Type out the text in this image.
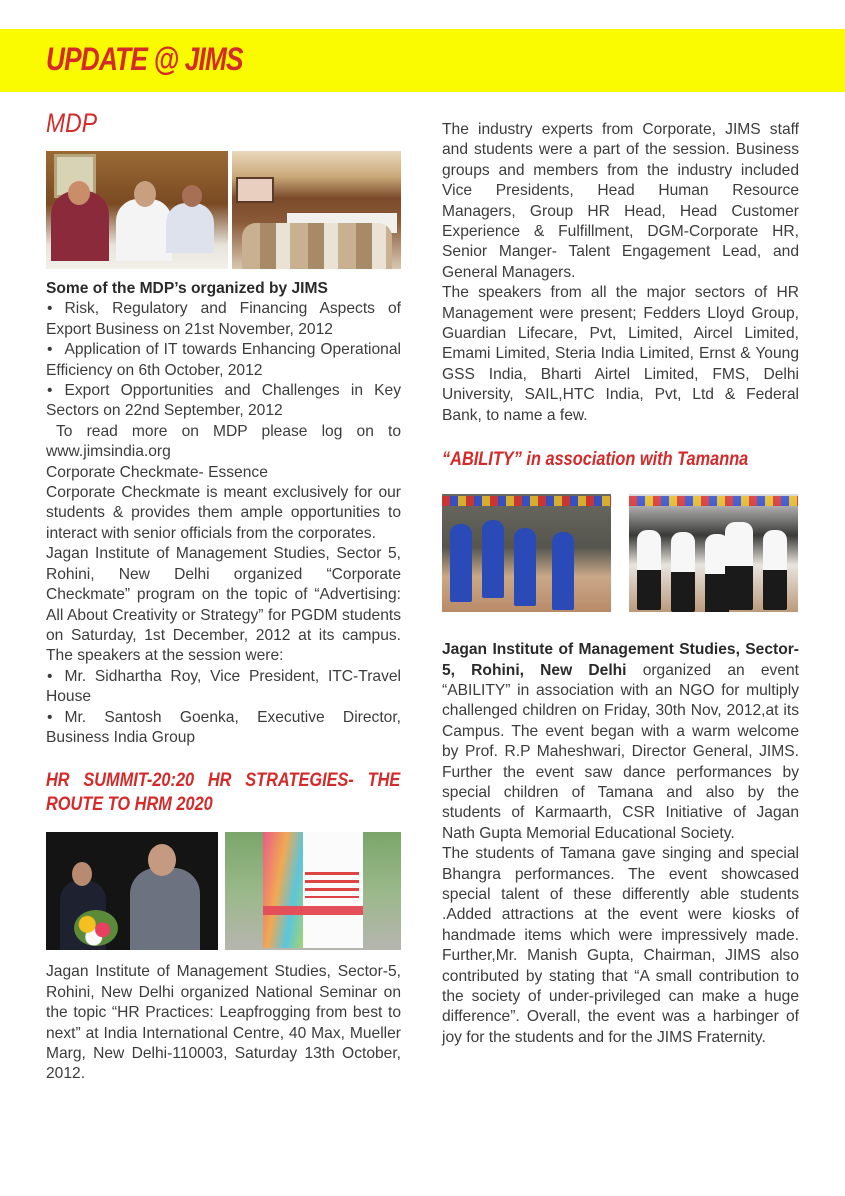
UPDATE @ JIMS
MDP
Some of the MDP’s organized by JIMS
• Risk, Regulatory and Financing Aspects of Export Business on 21st November, 2012
• Application of IT towards Enhancing Operational Efficiency on 6th October, 2012
• Export Opportunities and Challenges in Key Sectors on 22nd September, 2012
To read more on MDP please log on to www.jimsindia.org
Corporate Checkmate- Essence
Corporate Checkmate is meant exclusively for our students & provides them ample opportunities to interact with senior officials from the corporates.
Jagan Institute of Management Studies, Sector 5, Rohini, New Delhi organized “Corporate Checkmate” program on the topic of “Advertising: All About Creativity or Strategy” for PGDM students on Saturday, 1st December, 2012 at its campus. The speakers at the session were:
• Mr. Sidhartha Roy, Vice President, ITC-Travel House
• Mr. Santosh Goenka, Executive Director, Business India Group
HR SUMMIT-20:20 HR STRATEGIES- THE ROUTE TO HRM 2020
Jagan Institute of Management Studies, Sector-5, Rohini, New Delhi organized National Seminar on the topic “HR Practices: Leapfrogging from best to next” at India International Centre, 40 Max, Mueller Marg, New Delhi-110003, Saturday 13th October, 2012.
The industry experts from Corporate, JIMS staff and students were a part of the session. Business groups and members from the industry included Vice Presidents, Head Human Resource Managers, Group HR Head, Head Customer Experience & Fulfillment, DGM-Corporate HR, Senior Manger- Talent Engagement Lead, and General Managers.
The speakers from all the major sectors of HR Management were present; Fedders Lloyd Group, Guardian Lifecare, Pvt, Limited, Aircel Limited, Emami Limited, Steria India Limited, Ernst & Young GSS India, Bharti Airtel Limited, FMS, Delhi University, SAIL,HTC India, Pvt, Ltd & Federal Bank, to name a few.
“ABILITY” in association with Tamanna
Jagan Institute of Management Studies, Sector-5, Rohini, New Delhi organized an event “ABILITY” in association with an NGO for multiply challenged children on Friday, 30th Nov, 2012,at its Campus. The event began with a warm welcome by Prof. R.P Maheshwari, Director General, JIMS. Further the event saw dance performances by special children of Tamana and also by the students of Karmaarth, CSR Initiative of Jagan Nath Gupta Memorial Educational Society.
The students of Tamana gave singing and special Bhangra performances. The event showcased special talent of these differently able students .Added attractions at the event were kiosks of handmade items which were impressively made. Further,Mr. Manish Gupta, Chairman, JIMS also contributed by stating that “A small contribution to the society of under-privileged can make a huge difference”. Overall, the event was a harbinger of joy for the students and for the JIMS Fraternity.
